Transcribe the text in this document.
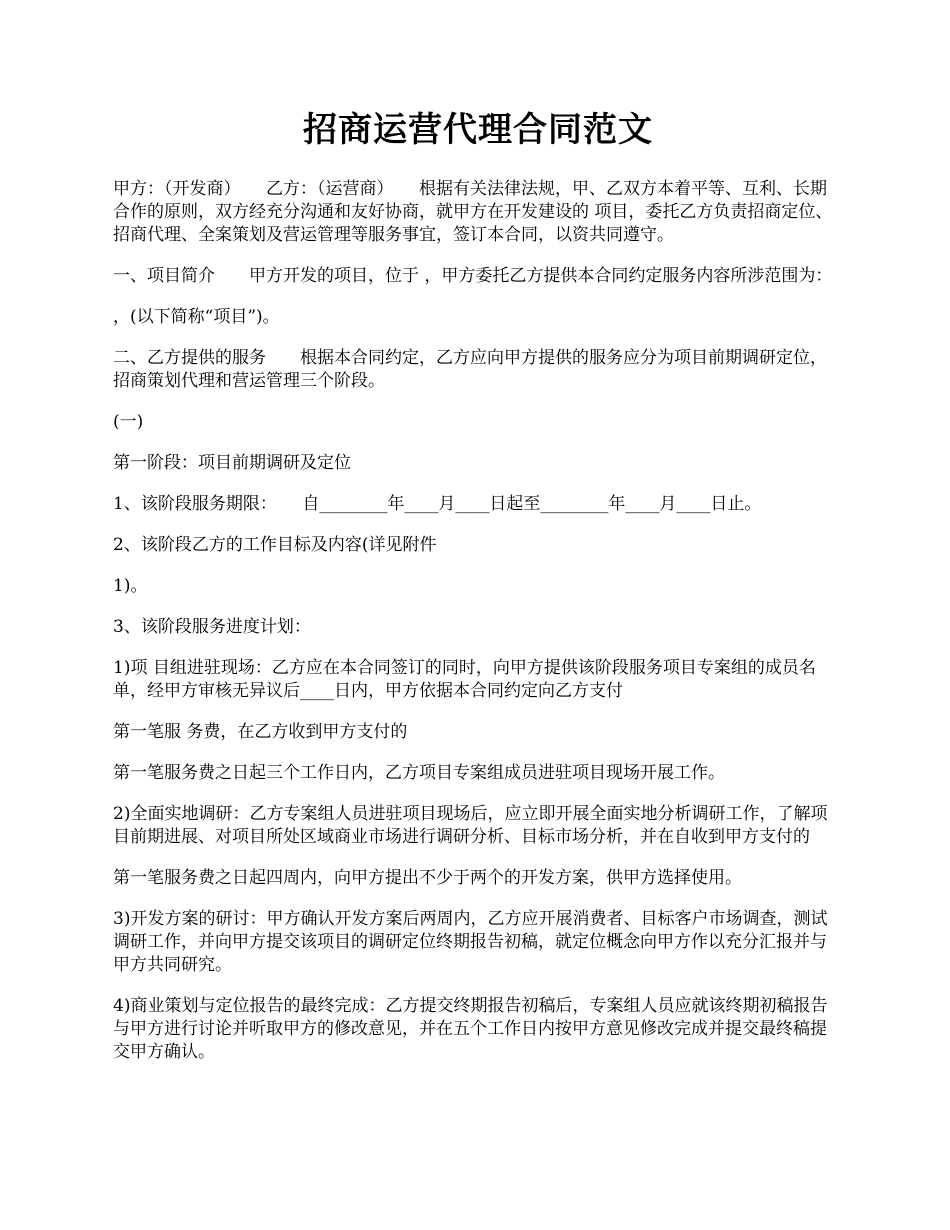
招商运营代理合同范文

甲方：（开发商）　　乙方：（运营商）　　根据有关法律法规，甲、乙双方本着平等、互利、长期合作的原则，双方经充分沟通和友好协商，就甲方在开发建设的 项目，委托乙方负责招商定位、招商代理、全案策划及营运管理等服务事宜，签订本合同，以资共同遵守。

一、项目简介　　甲方开发的项目，位于 ，甲方委托乙方提供本合同约定服务内容所涉范围为：

，(以下简称“项目”)。

二、乙方提供的服务　　根据本合同约定，乙方应向甲方提供的服务应分为项目前期调研定位，招商策划代理和营运管理三个阶段。

(一)

第一阶段：项目前期调研及定位

1、该阶段服务期限：　　自________年____月____日起至________年____月____日止。

2、该阶段乙方的工作目标及内容(详见附件

1)。

3、该阶段服务进度计划：

1)项 目组进驻现场：乙方应在本合同签订的同时，向甲方提供该阶段服务项目专案组的成员名单，经甲方审核无异议后____日内，甲方依据本合同约定向乙方支付

第一笔服 务费，在乙方收到甲方支付的

第一笔服务费之日起三个工作日内，乙方项目专案组成员进驻项目现场开展工作。

2)全面实地调研：乙方专案组人员进驻项目现场后，应立即开展全面实地分析调研工作，了解项目前期进展、对项目所处区域商业市场进行调研分析、目标市场分析，并在自收到甲方支付的

第一笔服务费之日起四周内，向甲方提出不少于两个的开发方案，供甲方选择使用。

3)开发方案的研讨：甲方确认开发方案后两周内，乙方应开展消费者、目标客户市场调查，测试调研工作，并向甲方提交该项目的调研定位终期报告初稿，就定位概念向甲方作以充分汇报并与甲方共同研究。

4)商业策划与定位报告的最终完成：乙方提交终期报告初稿后，专案组人员应就该终期初稿报告与甲方进行讨论并听取甲方的修改意见，并在五个工作日内按甲方意见修改完成并提交最终稿提交甲方确认。
